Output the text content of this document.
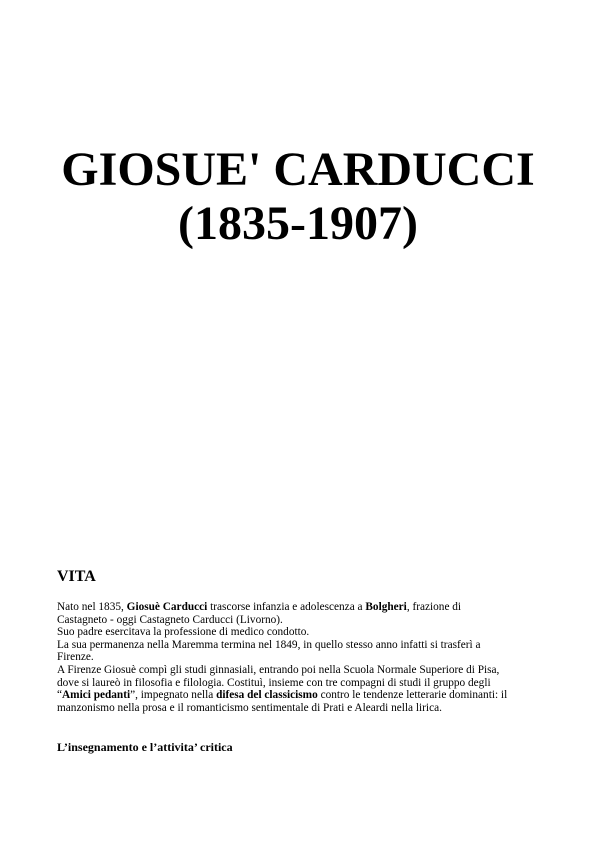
GIOSUE' CARDUCCI

(1835-1907)

VITA
Nato nel 1835, Giosuè Carducci trascorse infanzia e adolescenza a Bolgheri, frazione di
Castagneto - oggi Castagneto Carducci (Livorno).
Suo padre esercitava la professione di medico condotto.
La sua permanenza nella Maremma termina nel 1849, in quello stesso anno infatti si trasferì a
Firenze.
A Firenze Giosuè compì gli studi ginnasiali, entrando poi nella Scuola Normale Superiore di Pisa,
dove si laureò in filosofia e filologia. Costituì, insieme con tre compagni di studi il gruppo degli
“Amici pedanti”, impegnato nella difesa del classicismo contro le tendenze letterarie dominanti: il
manzonismo nella prosa e il romanticismo sentimentale di Prati e Aleardi nella lirica.
L’insegnamento e l’attivita’ critica
